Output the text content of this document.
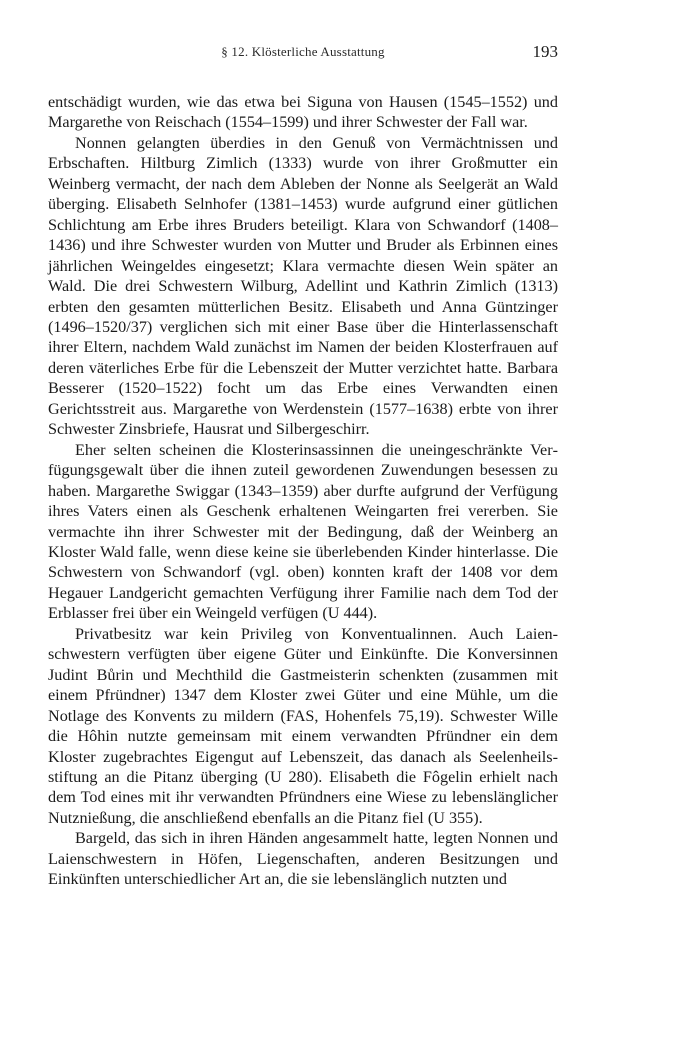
§ 12. Klösterliche Ausstattung	193

entschädigt wurden, wie das etwa bei Siguna von Hausen (1545–1552) und Margarethe von Reischach (1554–1599) und ihrer Schwester der Fall war.

Nonnen gelangten überdies in den Genuß von Vermächtnissen und Erbschaften. Hiltburg Zimlich (1333) wurde von ihrer Großmutter ein Weinberg vermacht, der nach dem Ableben der Nonne als Seelgerät an Wald überging. Elisabeth Selnhofer (1381–1453) wurde aufgrund einer gütlichen Schlichtung am Erbe ihres Bruders beteiligt. Klara von Schwandorf (1408–1436) und ihre Schwester wurden von Mutter und Bruder als Erbinnen eines jährlichen Weingeldes eingesetzt; Klara vermachte diesen Wein später an Wald. Die drei Schwestern Wilburg, Adellint und Kathrin Zimlich (1313) erbten den gesamten mütterlichen Besitz. Elisabeth und Anna Güntzinger (1496–1520/37) verglichen sich mit einer Base über die Hinterlassenschaft ihrer Eltern, nachdem Wald zunächst im Namen der beiden Klosterfrauen auf deren väterliches Erbe für die Lebenszeit der Mutter verzichtet hatte. Barbara Besserer (1520–1522) focht um das Erbe eines Verwandten einen Gerichtsstreit aus. Margarethe von Werdenstein (1577–1638) erbte von ihrer Schwester Zinsbriefe, Hausrat und Silbergeschirr.

Eher selten scheinen die Klosterinsassinnen die uneingeschränkte Verfügungsgewalt über die ihnen zuteil gewordenen Zuwendungen besessen zu haben. Margarethe Swiggar (1343–1359) aber durfte aufgrund der Verfügung ihres Vaters einen als Geschenk erhaltenen Weingarten frei vererben. Sie vermachte ihn ihrer Schwester mit der Bedingung, daß der Weinberg an Kloster Wald falle, wenn diese keine sie überlebenden Kinder hinterlasse. Die Schwestern von Schwandorf (vgl. oben) konnten kraft der 1408 vor dem Hegauer Landgericht gemachten Verfügung ihrer Familie nach dem Tod der Erblasser frei über ein Weingeld verfügen (U 444).

Privatbesitz war kein Privileg von Konventualinnen. Auch Laienschwestern verfügten über eigene Güter und Einkünfte. Die Konversinnen Judint Bůrin und Mechthild die Gastmeisterin schenkten (zusammen mit einem Pfründner) 1347 dem Kloster zwei Güter und eine Mühle, um die Notlage des Konvents zu mildern (FAS, Hohenfels 75,19). Schwester Wille die Hôhin nutzte gemeinsam mit einem verwandten Pfründner ein dem Kloster zugebrachtes Eigengut auf Lebenszeit, das danach als Seelenheilsstiftung an die Pitanz überging (U 280). Elisabeth die Fôgelin erhielt nach dem Tod eines mit ihr verwandten Pfründners eine Wiese zu lebenslänglicher Nutznießung, die anschließend ebenfalls an die Pitanz fiel (U 355).

Bargeld, das sich in ihren Händen angesammelt hatte, legten Nonnen und Laienschwestern in Höfen, Liegenschaften, anderen Besitzungen und Einkünften unterschiedlicher Art an, die sie lebenslänglich nutzten und
